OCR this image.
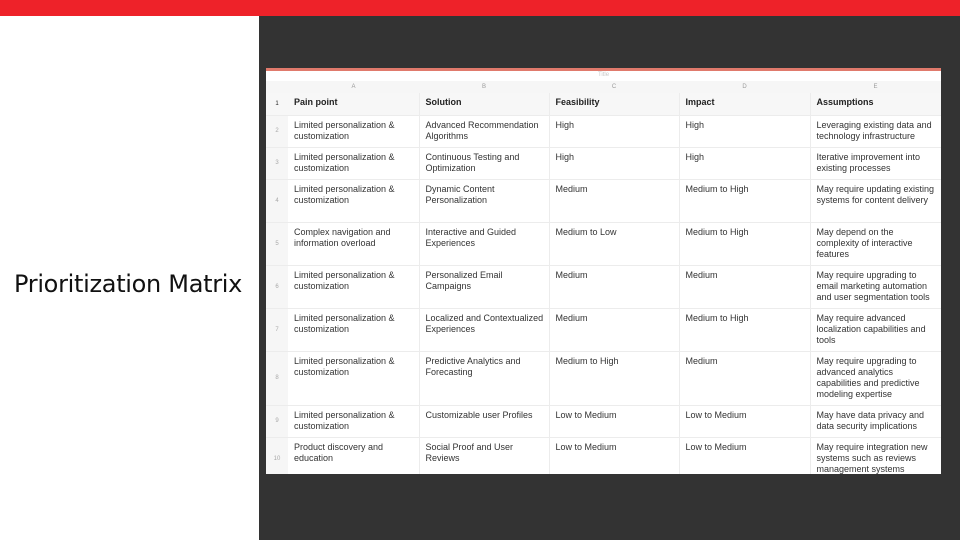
Prioritization Matrix
Title
	A	B	C	D	E
1	Pain point	Solution	Feasibility	Impact	Assumptions
2	Limited personalization & customization	Advanced Recommendation Algorithms	High	High	Leveraging existing data and technology infrastructure
3	Limited personalization & customization	Continuous Testing and Optimization	High	High	Iterative improvement into existing processes
4	Limited personalization & customization	Dynamic Content Personalization	Medium	Medium to High	May require updating existing systems for content delivery
5	Complex navigation and information overload	Interactive and Guided Experiences	Medium to Low	Medium to High	May depend on the complexity of interactive features
6	Limited personalization & customization	Personalized Email Campaigns	Medium	Medium	May require upgrading to email marketing automation and user segmentation tools
7	Limited personalization & customization	Localized and Contextualized Experiences	Medium	Medium to High	May require advanced localization capabilities and tools
8	Limited personalization & customization	Predictive Analytics and Forecasting	Medium to High	Medium	May require upgrading to advanced analytics capabilities and predictive modeling expertise
9	Limited personalization & customization	Customizable user Profiles	Low to Medium	Low to Medium	May have data privacy and data security implications
10	Product discovery and education	Social Proof and User Reviews	Low to Medium	Low to Medium	May require integration new systems such as reviews management systems
